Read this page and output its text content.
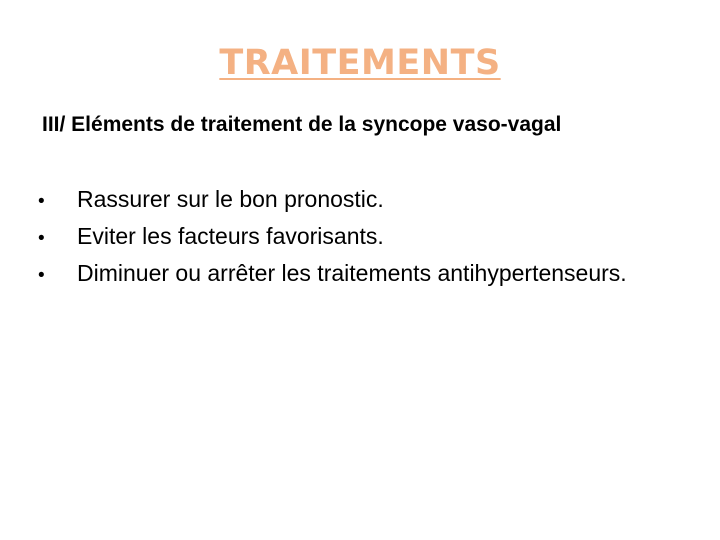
TRAITEMENTS
III/ Eléments de traitement de la syncope vaso-vagal
•	Rassurer sur le bon pronostic.
•	Eviter les facteurs favorisants.
•	Diminuer ou arrêter les traitements antihypertenseurs.
